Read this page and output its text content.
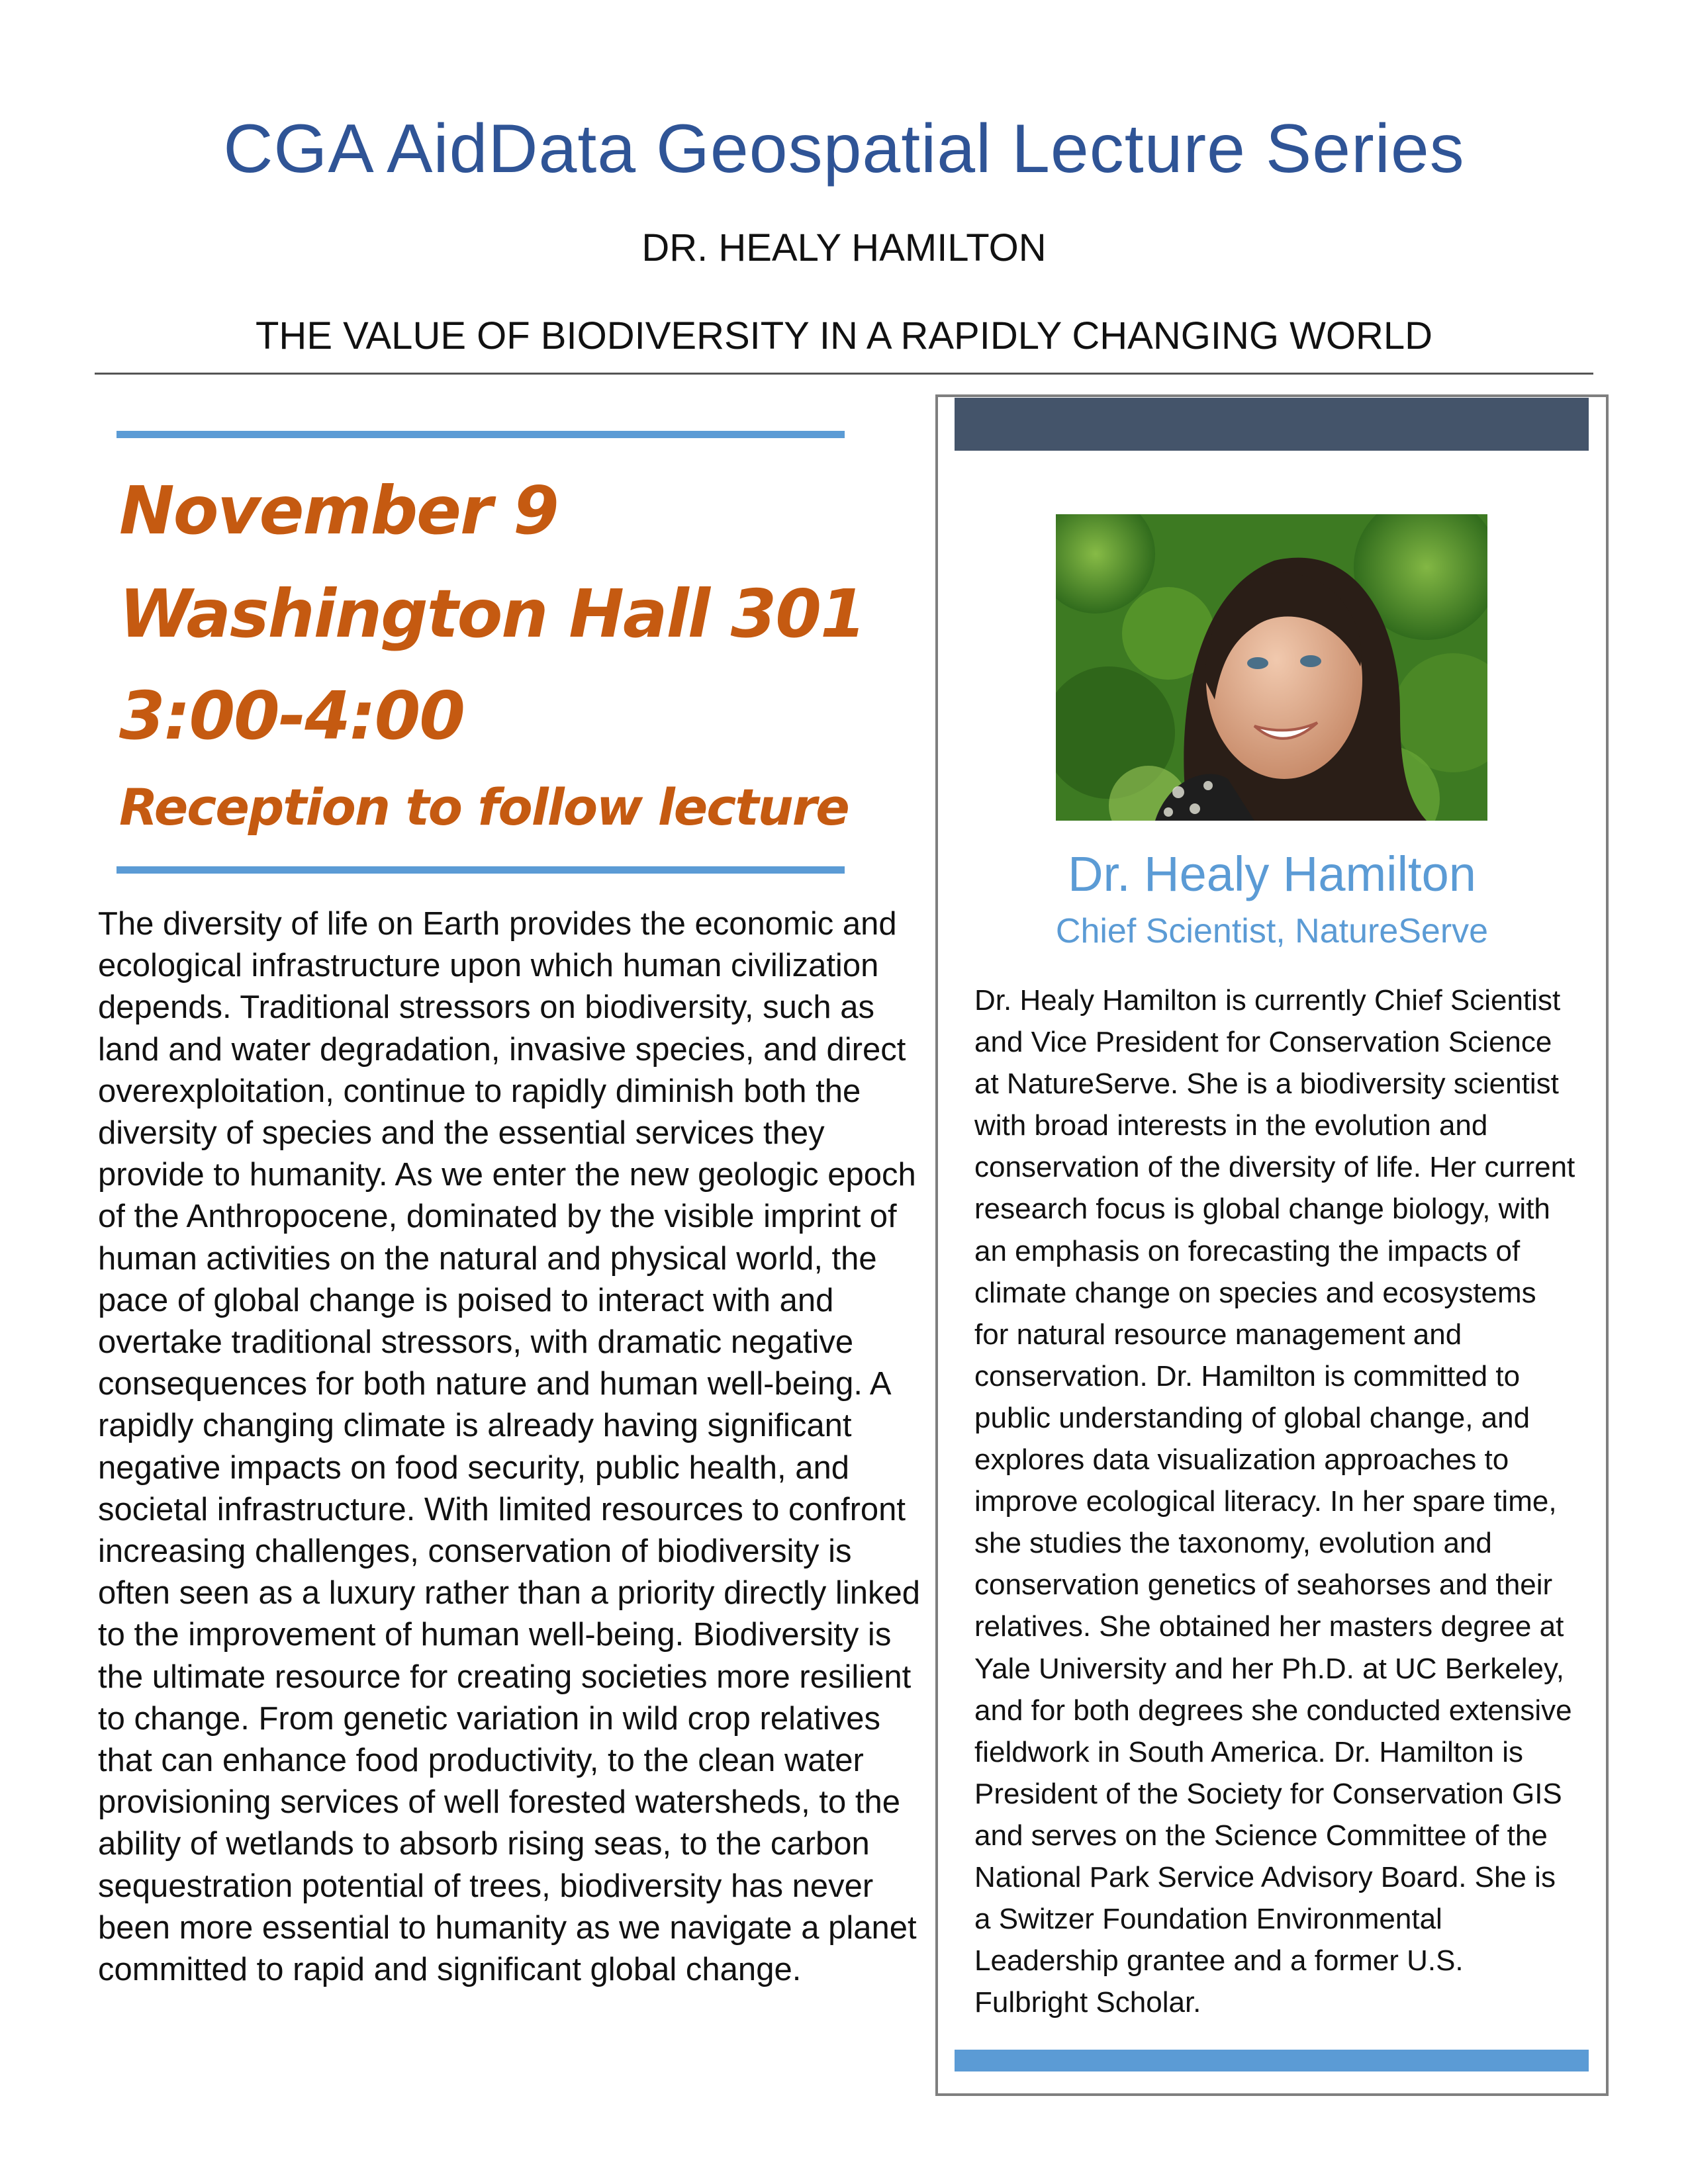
CGA AidData Geospatial Lecture Series
DR. HEALY HAMILTON
THE VALUE OF BIODIVERSITY IN A RAPIDLY CHANGING WORLD
November 9
Washington Hall 301
3:00-4:00
Reception to follow lecture
The diversity of life on Earth provides the economic and ecological infrastructure upon which human civilization depends. Traditional stressors on biodiversity, such as land and water degradation, invasive species, and direct overexploitation, continue to rapidly diminish both the diversity of species and the essential services they provide to humanity. As we enter the new geologic epoch of the Anthropocene, dominated by the visible imprint of human activities on the natural and physical world, the pace of global change is poised to interact with and overtake traditional stressors, with dramatic negative consequences for both nature and human well-being. A rapidly changing climate is already having significant negative impacts on food security, public health, and societal infrastructure. With limited resources to confront increasing challenges, conservation of biodiversity is often seen as a luxury rather than a priority directly linked to the improvement of human well-being. Biodiversity is the ultimate resource for creating societies more resilient to change. From genetic variation in wild crop relatives that can enhance food productivity, to the clean water provisioning services of well forested watersheds, to the ability of wetlands to absorb rising seas, to the carbon sequestration potential of trees, biodiversity has never been more essential to humanity as we navigate a planet committed to rapid and significant global change.
Dr. Healy Hamilton
Chief Scientist, NatureServe
Dr. Healy Hamilton is currently Chief Scientist and Vice President for Conservation Science at NatureServe. She is a biodiversity scientist with broad interests in the evolution and conservation of the diversity of life. Her current research focus is global change biology, with an emphasis on forecasting the impacts of climate change on species and ecosystems for natural resource management and conservation. Dr. Hamilton is committed to public understanding of global change, and explores data visualization approaches to improve ecological literacy. In her spare time, she studies the taxonomy, evolution and conservation genetics of seahorses and their relatives. She obtained her masters degree at Yale University and her Ph.D. at UC Berkeley, and for both degrees she conducted extensive fieldwork in South America. Dr. Hamilton is President of the Society for Conservation GIS and serves on the Science Committee of the National Park Service Advisory Board. She is a Switzer Foundation Environmental Leadership grantee and a former U.S. Fulbright Scholar.
